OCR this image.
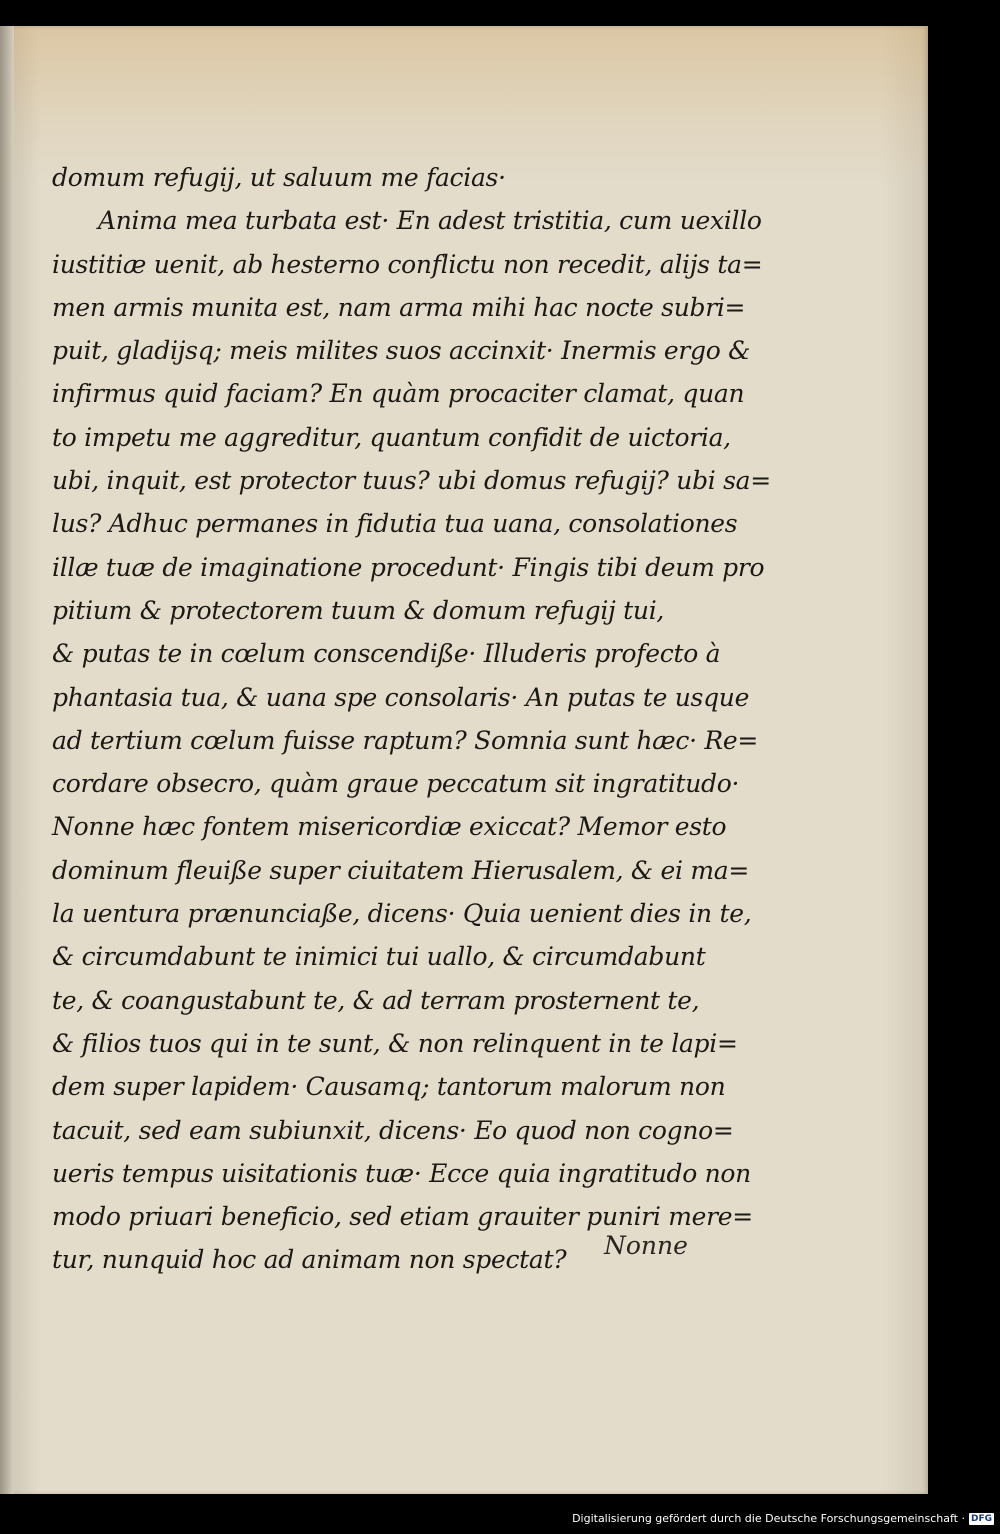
domum refugij, ut saluum me facias·
Anima mea turbata est· En adest tristitia, cum uexillo
iustitiæ uenit, ab hesterno conflictu non recedit, alijs ta=
men armis munita est, nam arma mihi hac nocte subri=
puit, gladijsq; meis milites suos accinxit· Inermis ergo &
infirmus quid faciam? En quàm procaciter clamat, quan
to impetu me aggreditur, quantum confidit de uictoria,
ubi, inquit, est protector tuus? ubi domus refugij? ubi sa=
lus? Adhuc permanes in fidutia tua uana, consolationes
illæ tuæ de imaginatione procedunt· Fingis tibi deum pro
pitium & protectorem tuum & domum refugij tui,
& putas te in cœlum conscendiße· Illuderis profecto à
phantasia tua, & uana spe consolaris· An putas te usque
ad tertium cœlum fuisse raptum? Somnia sunt hæc· Re=
cordare obsecro, quàm graue peccatum sit ingratitudo·
Nonne hæc fontem misericordiæ exiccat? Memor esto
dominum fleuiße super ciuitatem Hierusalem, & ei ma=
la uentura prænunciaße, dicens· Quia uenient dies in te,
& circumdabunt te inimici tui uallo, & circumdabunt
te, & coangustabunt te, & ad terram prosternent te,
& filios tuos qui in te sunt, & non relinquent in te lapi=
dem super lapidem· Causamq; tantorum malorum non
tacuit, sed eam subiunxit, dicens· Eo quod non cogno=
ueris tempus uisitationis tuæ· Ecce quia ingratitudo non
modo priuari beneficio, sed etiam grauiter puniri mere=
tur, nunquid hoc ad animam non spectat?	Nonne
Digitalisierung gefördert durch die Deutsche Forschungsgemeinschaft · DFG
